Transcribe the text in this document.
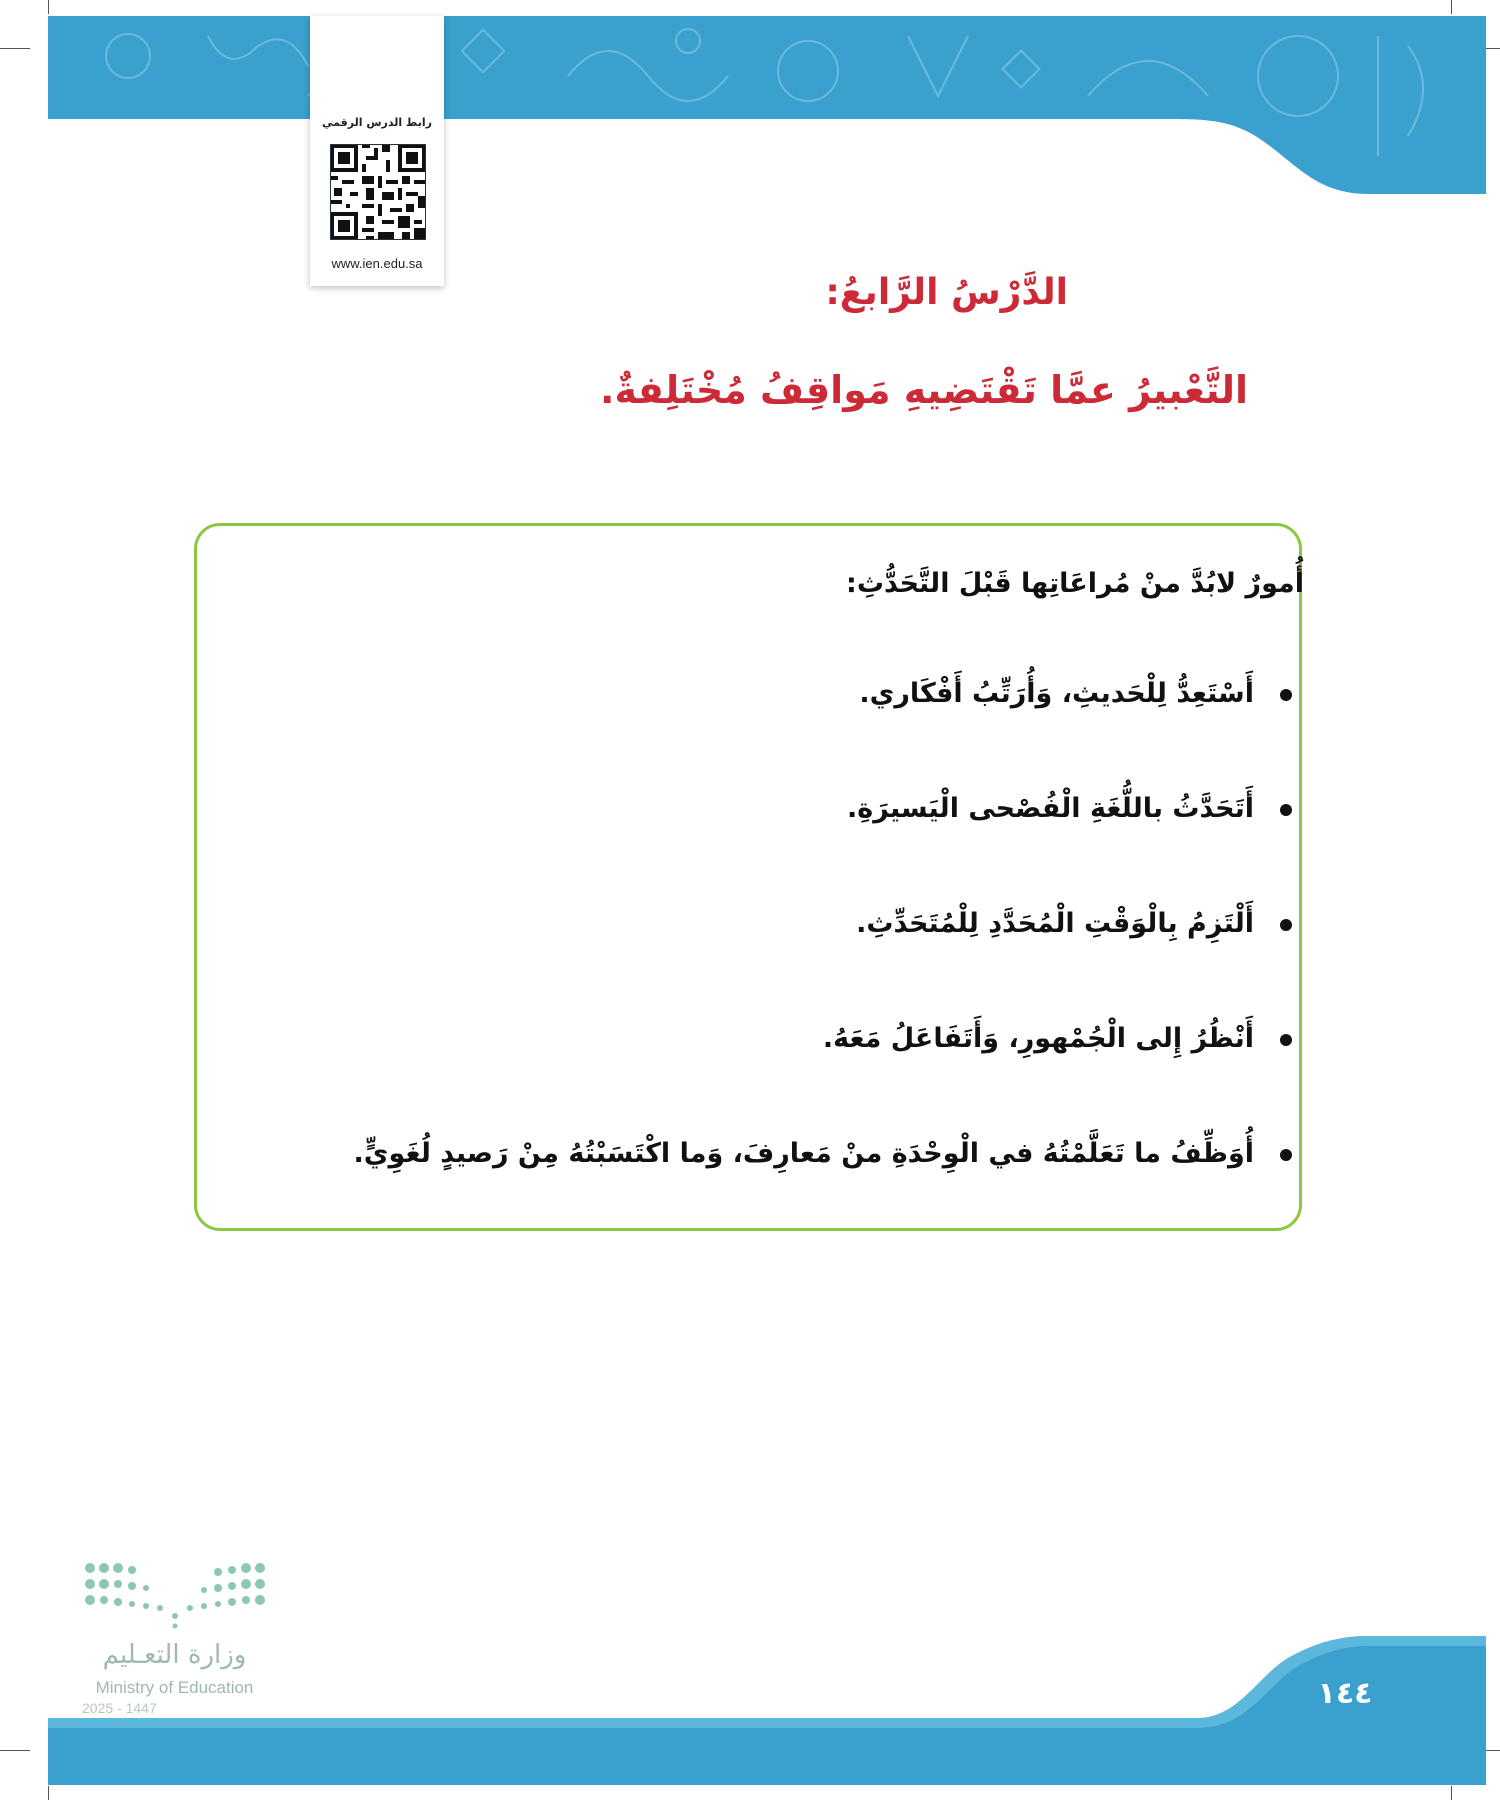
رابط الدرس الرقمي
www.ien.edu.sa
الدَّرْسُ الرَّابعُ:
التَّعْبيرُ عمَّا تَقْتَضِيهِ مَواقِفُ مُخْتَلِفةٌ.
أُمورٌ لابُدَّ منْ مُراعَاتِها قَبْلَ التَّحَدُّثِ:
أَسْتَعِدُّ لِلْحَديثِ، وَأُرَتِّبُ أَفْكَاري.
أَتَحَدَّثُ باللُّغَةِ الْفُصْحى الْيَسيرَةِ.
أَلْتَزِمُ بِالْوَقْتِ الْمُحَدَّدِ لِلْمُتَحَدِّثِ.
أَنْظُرُ إِلى الْجُمْهورِ، وَأَتَفَاعَلُ مَعَهُ.
أُوَظِّفُ ما تَعَلَّمْتُهُ في الْوِحْدَةِ منْ مَعارِفَ، وَما اكْتَسَبْتُهُ مِنْ رَصيدٍ لُغَوِيٍّ.
١٤٤
وزارة التعـليم
Ministry of Education
2025 - 1447
